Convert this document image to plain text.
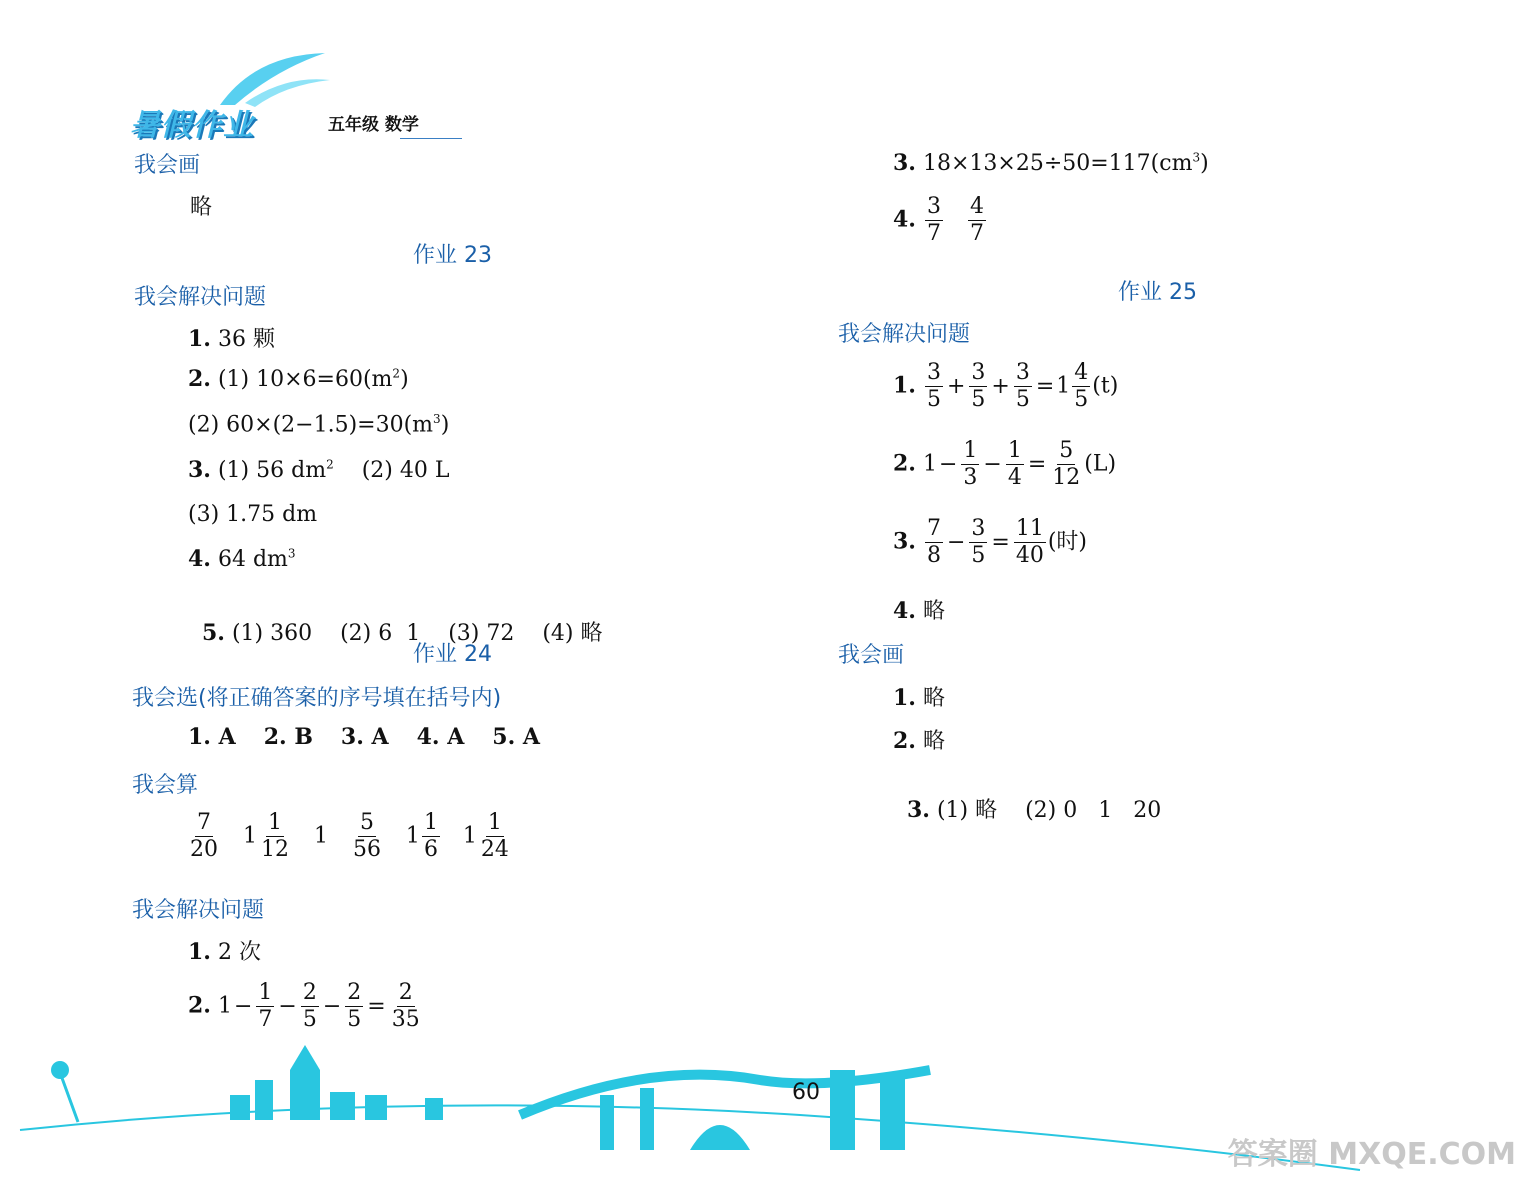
暑假作业	五年级 数学
我会画
略
作业 23
我会解决问题
1. 36 颗
2. (1) $10\times 6=60(m^2)$
(2) $60\times(2-1.5)=30(m^3)$
3. (1) 56 $dm^2$ (2) 40 L
(3) 1.75 dm
4. 64 $dm^3$

5. (1) 360    (2) 6  1    (3) 72    (4) 略

作业 24
我会选(将正确答案的序号填在括号内)
1. A 2. B 3. A 4. A 5. A
我会算
$\frac{7}{20} 1 \frac{1}{12} 1 \frac{5}{56} 1 \frac{1}{6} 1 \frac{1}{24}$
我会解决问题
1. 2 次
2. $1- \frac{1}{7} - \frac{2}{5} - \frac{2}{5} = \frac{2}{35}$
3. $18\times 13\times 25\div 50=117(cm^3)$
4. $\frac{3}{7}$
$\frac{4}{7}$
作业 25
我会解决问题
1. $\frac{3}{5} + \frac{3}{5} + \frac{3}{5} =1 \frac{4}{5} (t)$
2. $1- \frac{1}{3} - \frac{1}{4} = \frac{5}{12} (L)$
3. $\frac{7}{8} - \frac{3}{5} = \frac{11}{40}$ (时)
4. 略
我会画
1. 略
2. 略

3. (1) 略    (2) 0   1   20

60
答案圈 MXQE.COM
